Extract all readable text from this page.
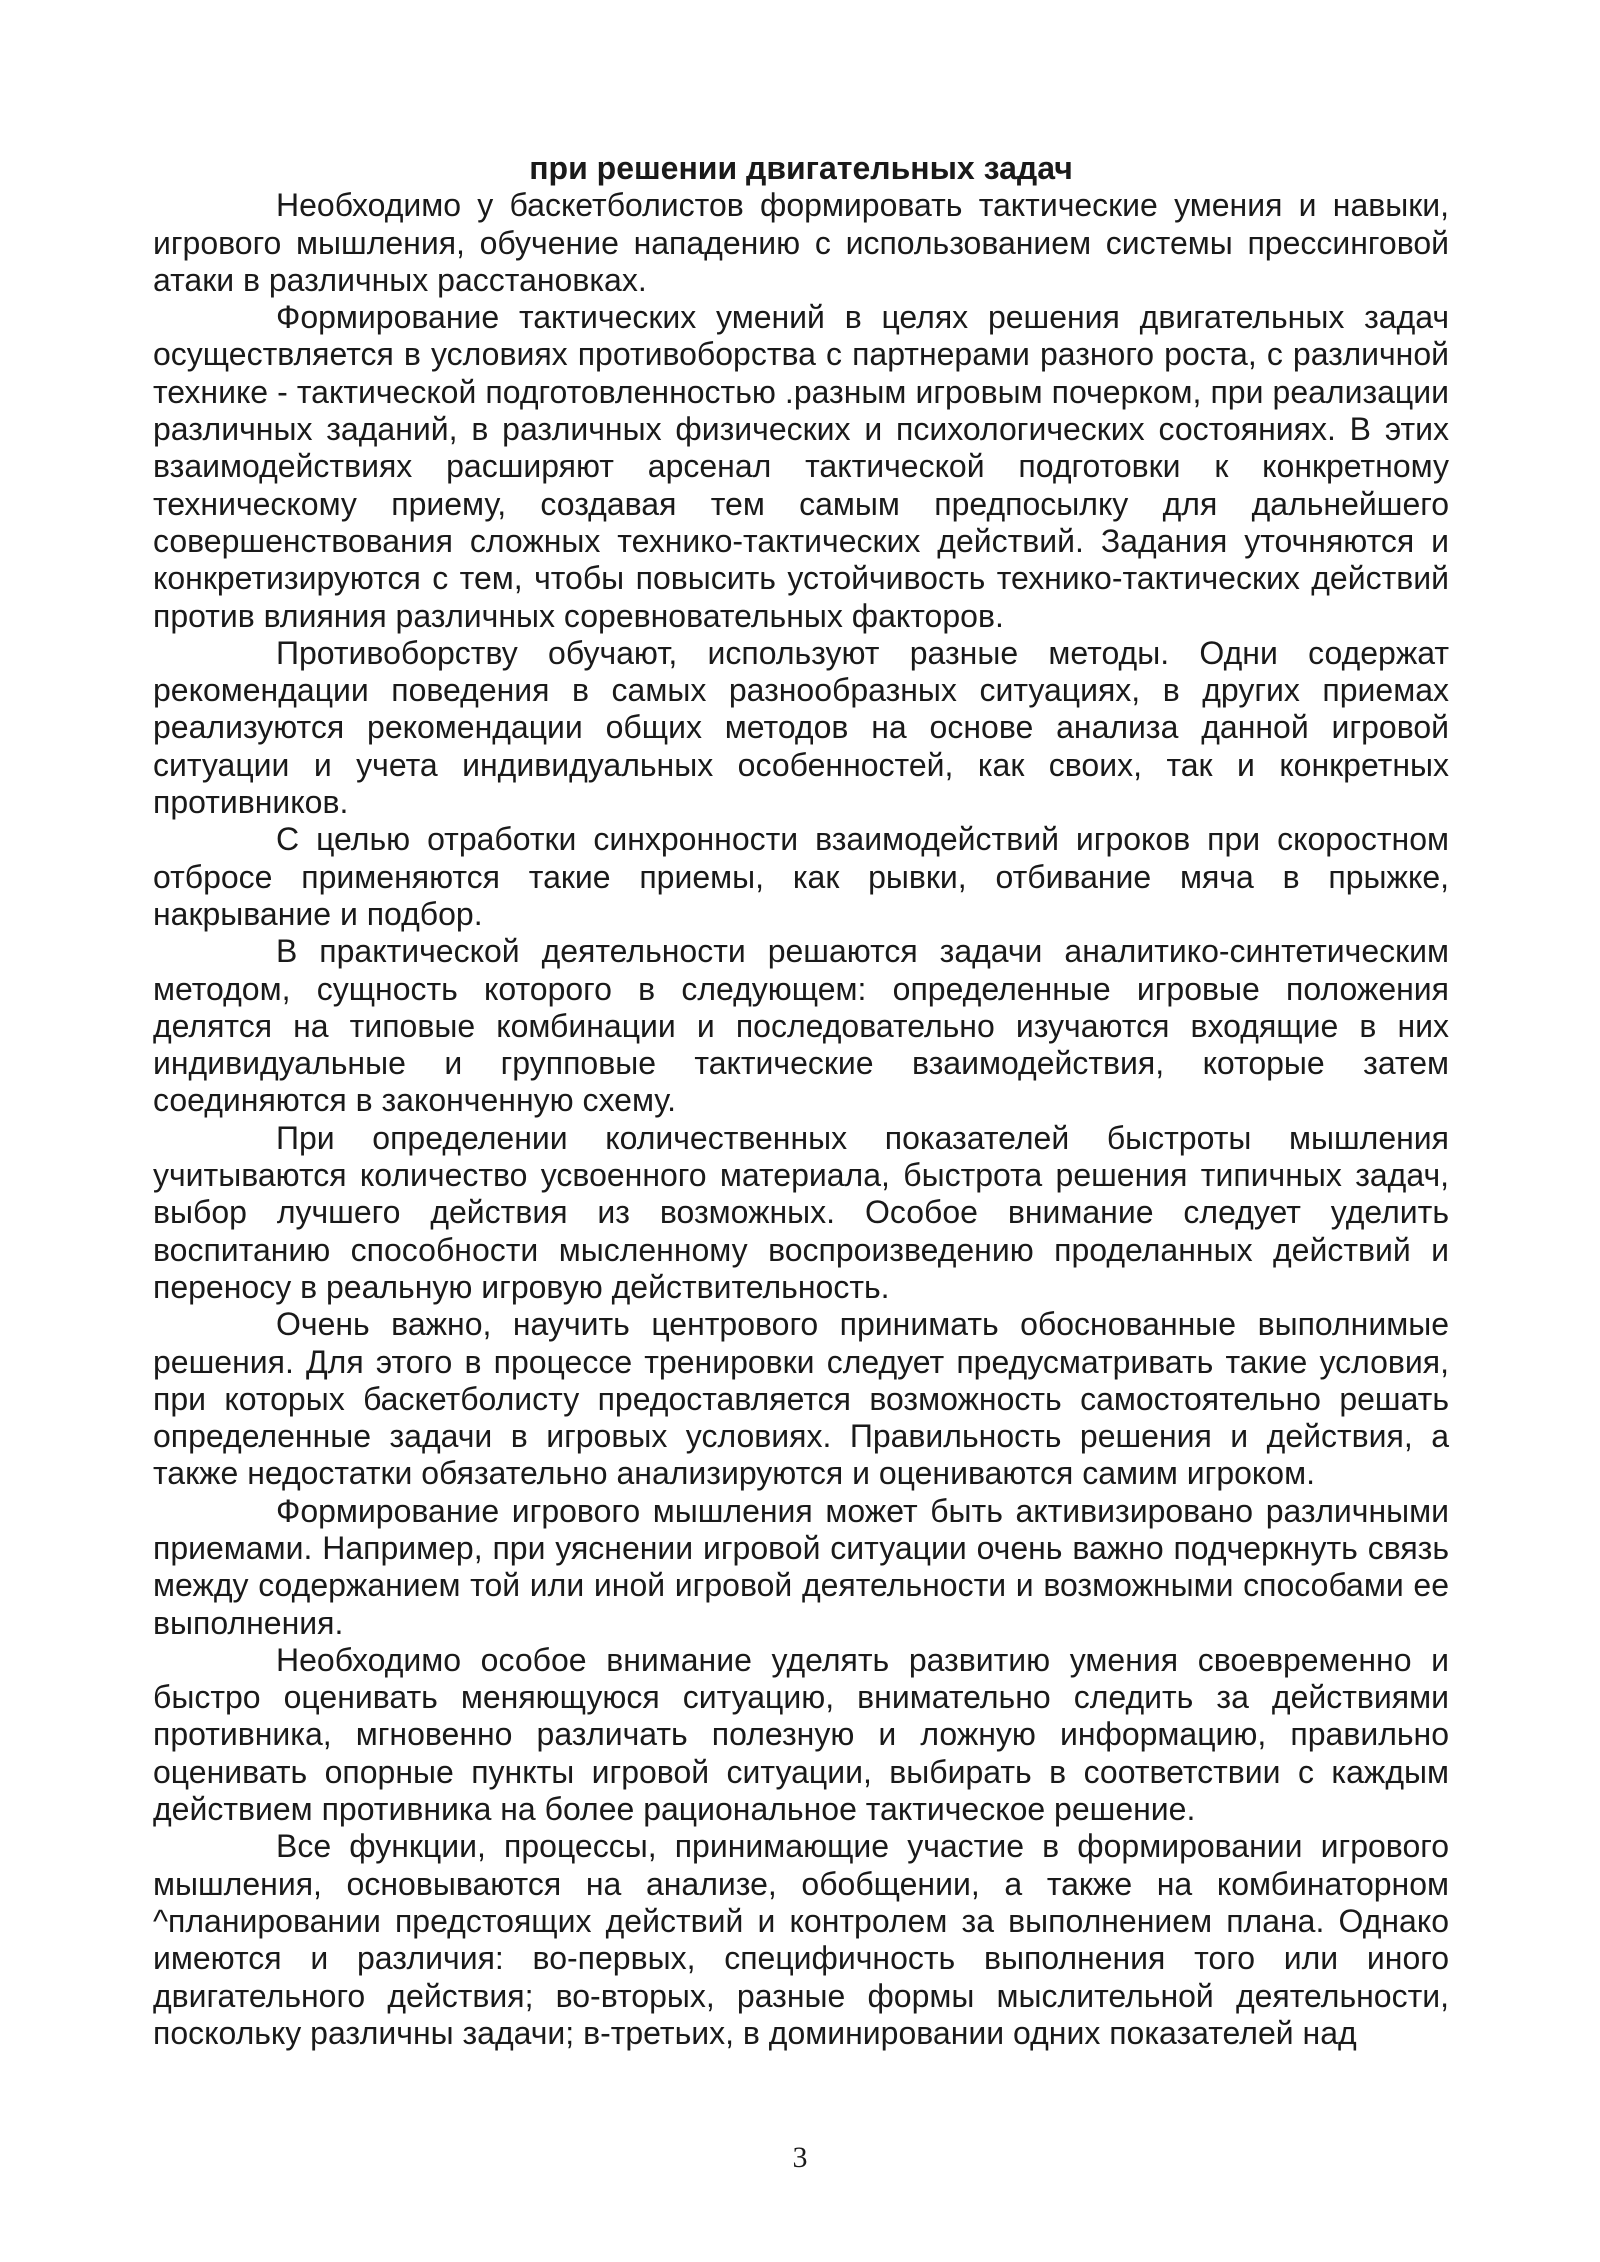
при решении двигательных задач

Необходимо у баскетболистов формировать тактические умения и навыки, игрового мышления, обучение нападению с использованием системы прессинговой атаки в различных расстановках.

Формирование тактических умений в целях решения двигательных задач осуществляется в условиях противоборства с партнерами разного роста, с различной технике - тактической подготовленностью .разным игровым почерком, при реализации различных заданий, в различных физических и психологических состояниях. В этих взаимодействиях расширяют арсенал тактической подготовки к конкретному техническому приему, создавая тем самым предпосылку для дальнейшего совершенствования сложных технико-тактических действий. Задания уточняются и конкретизируются с тем, чтобы повысить устойчивость технико-тактических действий против влияния различных соревновательных факторов.

Противоборству обучают, используют разные методы. Одни содержат рекомендации поведения в самых разнообразных ситуациях, в других приемах реализуются рекомендации общих методов на основе анализа данной игровой ситуации и учета индивидуальных особенностей, как своих, так и конкретных противников.

С целью отработки синхронности взаимодействий игроков при скоростном отбросе применяются такие приемы, как рывки, отбивание мяча в прыжке, накрывание и подбор.

В практической деятельности решаются задачи аналитико-синтетическим методом, сущность которого в следующем: определенные игровые положения делятся на типовые комбинации и последовательно изучаются входящие в них индивидуальные и групповые тактические взаимодействия, которые затем соединяются в законченную схему.

При определении количественных показателей быстроты мышления учитываются количество усвоенного материала, быстрота решения типичных задач, выбор лучшего действия из возможных. Особое внимание следует уделить воспитанию способности мысленному воспроизведению проделанных действий и переносу в реальную игровую действительность.

Очень важно, научить центрового принимать обоснованные выполнимые решения. Для этого в процессе тренировки следует предусматривать такие условия, при которых баскетболисту предоставляется возможность самостоятельно решать определенные задачи в игровых условиях. Правильность решения и действия, а также недостатки обязательно анализируются и оцениваются самим игроком.

Формирование игрового мышления может быть активизировано различными приемами. Например, при уяснении игровой ситуации очень важно подчеркнуть связь между содержанием той или иной игровой деятельности и возможными способами ее выполнения.

Необходимо особое внимание уделять развитию умения своевременно и быстро оценивать меняющуюся ситуацию, внимательно следить за действиями противника, мгновенно различать полезную и ложную информацию, правильно оценивать опорные пункты игровой ситуации, выбирать в соответствии с каждым действием противника на более рациональное тактическое решение.

Все функции, процессы, принимающие участие в формировании игрового мышления, основываются на анализе, обобщении, а также на комбинаторном ^планировании предстоящих действий и контролем за выполнением плана. Однако имеются и различия: во-первых, специфичность выполнения того или иного двигательного действия; во-вторых, разные формы мыслительной деятельности, поскольку различны задачи; в-третьих, в доминировании одних показателей над

3
